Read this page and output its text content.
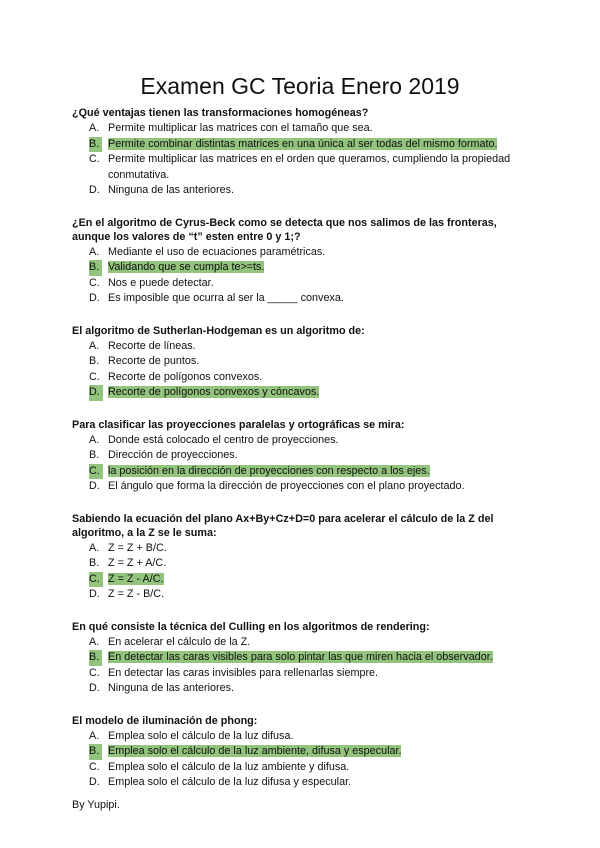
Examen GC Teoria Enero 2019
¿Qué ventajas tienen las transformaciones homogéneas?
A. Permite multiplicar las matrices con el tamaño que sea.
B. Permite combinar distintas matrices en una única al ser todas del mismo formato.
C. Permite multiplicar las matrices en el orden que queramos, cumpliendo la propiedad conmutativa.
D. Ninguna de las anteriores.
¿En el algoritmo de Cyrus-Beck como se detecta que nos salimos de las fronteras, aunque los valores de “t” esten entre 0 y 1;?
A. Mediante el uso de ecuaciones paramétricas.
B. Validando que se cumpla te>=ts.
C. Nos e puede detectar.
D. Es imposible que ocurra al ser la _____ convexa.
El algoritmo de Sutherlan-Hodgeman es un algoritmo de:
A. Recorte de líneas.
B. Recorte de puntos.
C. Recorte de polígonos convexos.
D. Recorte de polígonos convexos y cóncavos.
Para clasificar las proyecciones paralelas y ortográficas se mira:
A. Donde está colocado el centro de proyecciones.
B. Dirección de proyecciones.
C. la posición en la dirección de proyecciones con respecto a los ejes.
D. El ángulo que forma la dirección de proyecciones con el plano proyectado.
Sabiendo la ecuación del plano Ax+By+Cz+D=0 para acelerar el cálculo de la Z del algoritmo, a la Z se le suma:
A. Z = Z + B/C.
B. Z = Z + A/C.
C. Z = Z - A/C.
D. Z = Z - B/C.
En qué consiste la técnica del Culling en los algoritmos de rendering:
A. En acelerar el cálculo de la Z.
B. En detectar las caras visibles para solo pintar las que miren hacia el observador.
C. En detectar las caras invisibles para rellenarlas siempre.
D. Ninguna de las anteriores.
El modelo de iluminación de phong:
A. Emplea solo el cálculo de la luz difusa.
B. Emplea solo el cálculo de la luz ambiente, difusa y especular.
C. Emplea solo el cálculo de la luz ambiente y difusa.
D. Emplea solo el cálculo de la luz difusa y especular.
By Yupipi.
